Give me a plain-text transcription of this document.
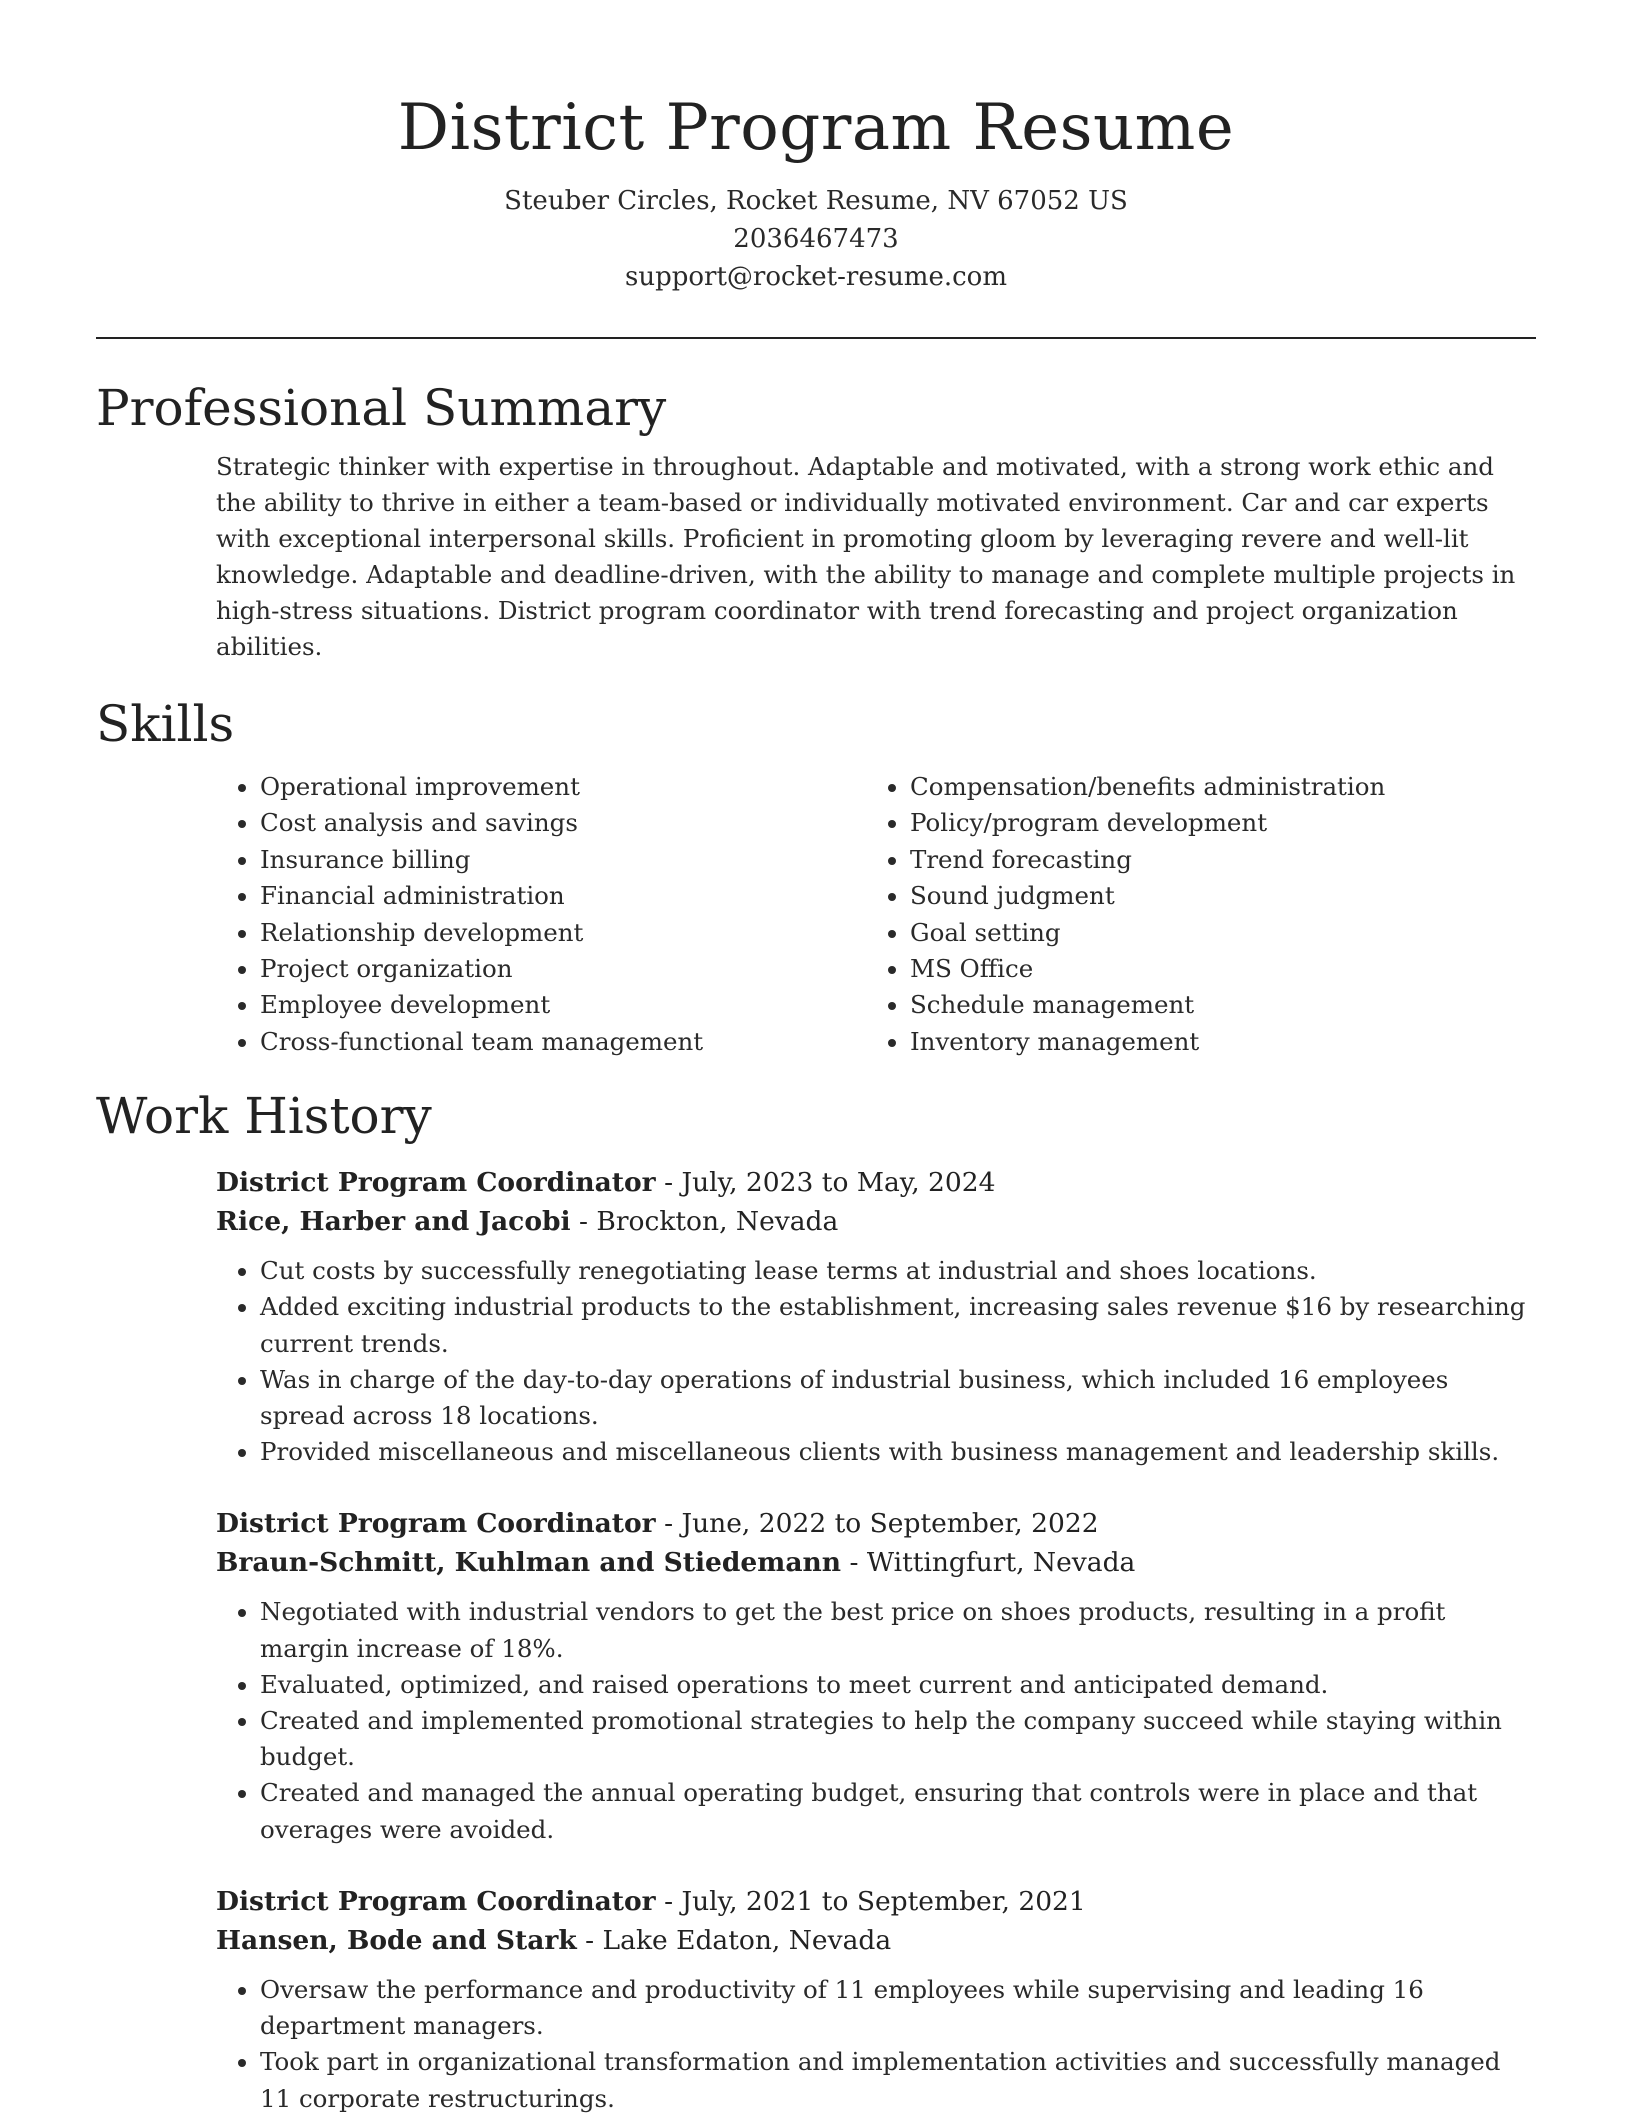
District Program Resume
Steuber Circles, Rocket Resume, NV 67052 US
2036467473
support@rocket-resume.com
Professional Summary
Strategic thinker with expertise in throughout. Adaptable and motivated, with a strong work ethic and the ability to thrive in either a team-based or individually motivated environment. Car and car experts with exceptional interpersonal skills. Proficient in promoting gloom by leveraging revere and well-lit knowledge. Adaptable and deadline-driven, with the ability to manage and complete multiple projects in high-stress situations. District program coordinator with trend forecasting and project organization abilities.
Skills
• Operational improvement
• Cost analysis and savings
• Insurance billing
• Financial administration
• Relationship development
• Project organization
• Employee development
• Cross-functional team management
• Compensation/benefits administration
• Policy/program development
• Trend forecasting
• Sound judgment
• Goal setting
• MS Office
• Schedule management
• Inventory management
Work History
District Program Coordinator - July, 2023 to May, 2024
Rice, Harber and Jacobi - Brockton, Nevada
• Cut costs by successfully renegotiating lease terms at industrial and shoes locations.
• Added exciting industrial products to the establishment, increasing sales revenue $16 by researching current trends.
• Was in charge of the day-to-day operations of industrial business, which included 16 employees spread across 18 locations.
• Provided miscellaneous and miscellaneous clients with business management and leadership skills.
District Program Coordinator - June, 2022 to September, 2022
Braun-Schmitt, Kuhlman and Stiedemann - Wittingfurt, Nevada
• Negotiated with industrial vendors to get the best price on shoes products, resulting in a profit margin increase of 18%.
• Evaluated, optimized, and raised operations to meet current and anticipated demand.
• Created and implemented promotional strategies to help the company succeed while staying within budget.
• Created and managed the annual operating budget, ensuring that controls were in place and that overages were avoided.
District Program Coordinator - July, 2021 to September, 2021
Hansen, Bode and Stark - Lake Edaton, Nevada
• Oversaw the performance and productivity of 11 employees while supervising and leading 16 department managers.
• Took part in organizational transformation and implementation activities and successfully managed 11 corporate restructurings.
